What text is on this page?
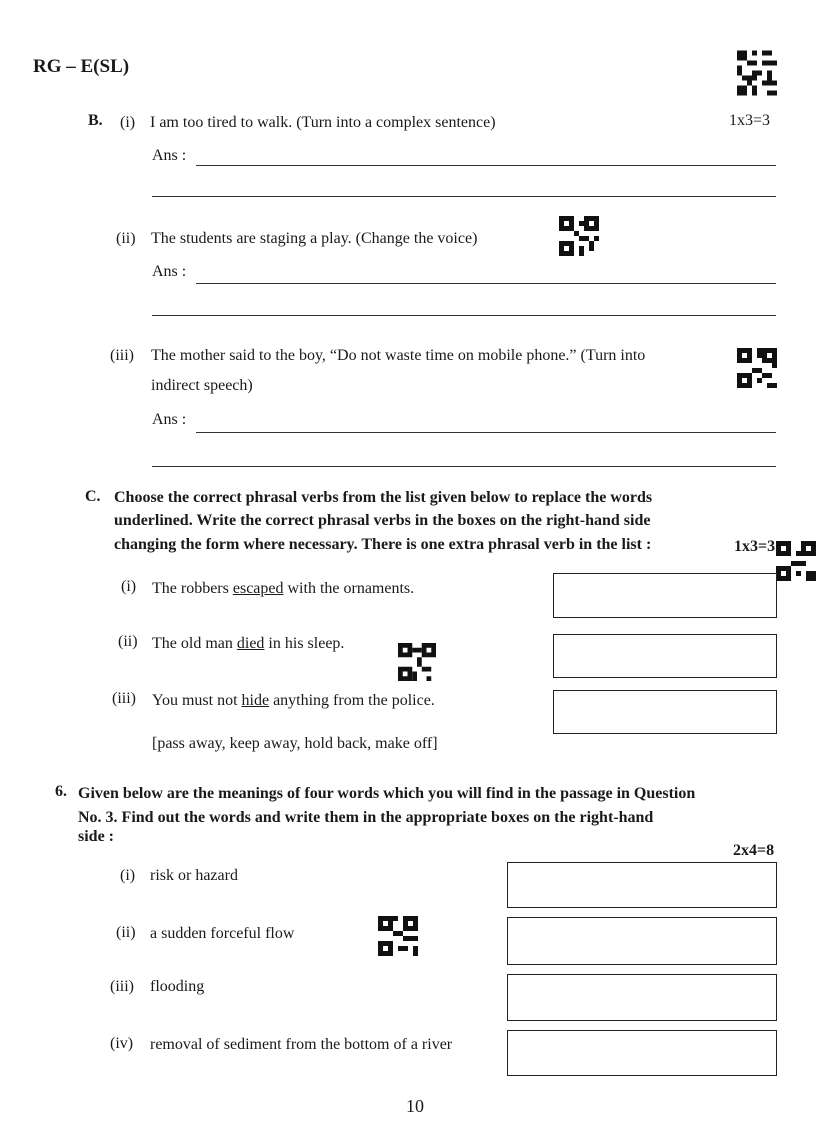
RG – E(SL)
B. (i) I am too tired to walk. (Turn into a complex sentence)	1x3=3
Ans :
(ii) The students are staging a play. (Change the voice)
Ans :
(iii) The mother said to the boy, “Do not waste time on mobile phone.” (Turn into
indirect speech)
Ans :
C. Choose the correct phrasal verbs from the list given below to replace the words
underlined. Write the correct phrasal verbs in the boxes on the right-hand side
changing the form where necessary. There is one extra phrasal verb in the list :	1x3=3
(i) The robbers escaped with the ornaments.
(ii) The old man died in his sleep.
(iii) You must not hide anything from the police.
[pass away, keep away, hold back, make off]
6. Given below are the meanings of four words which you will find in the passage in Question
No. 3. Find out the words and write them in the appropriate boxes on the right-hand
side :
2x4=8
(i) risk or hazard
(ii) a sudden forceful flow
(iii) flooding
(iv) removal of sediment from the bottom of a river
10
